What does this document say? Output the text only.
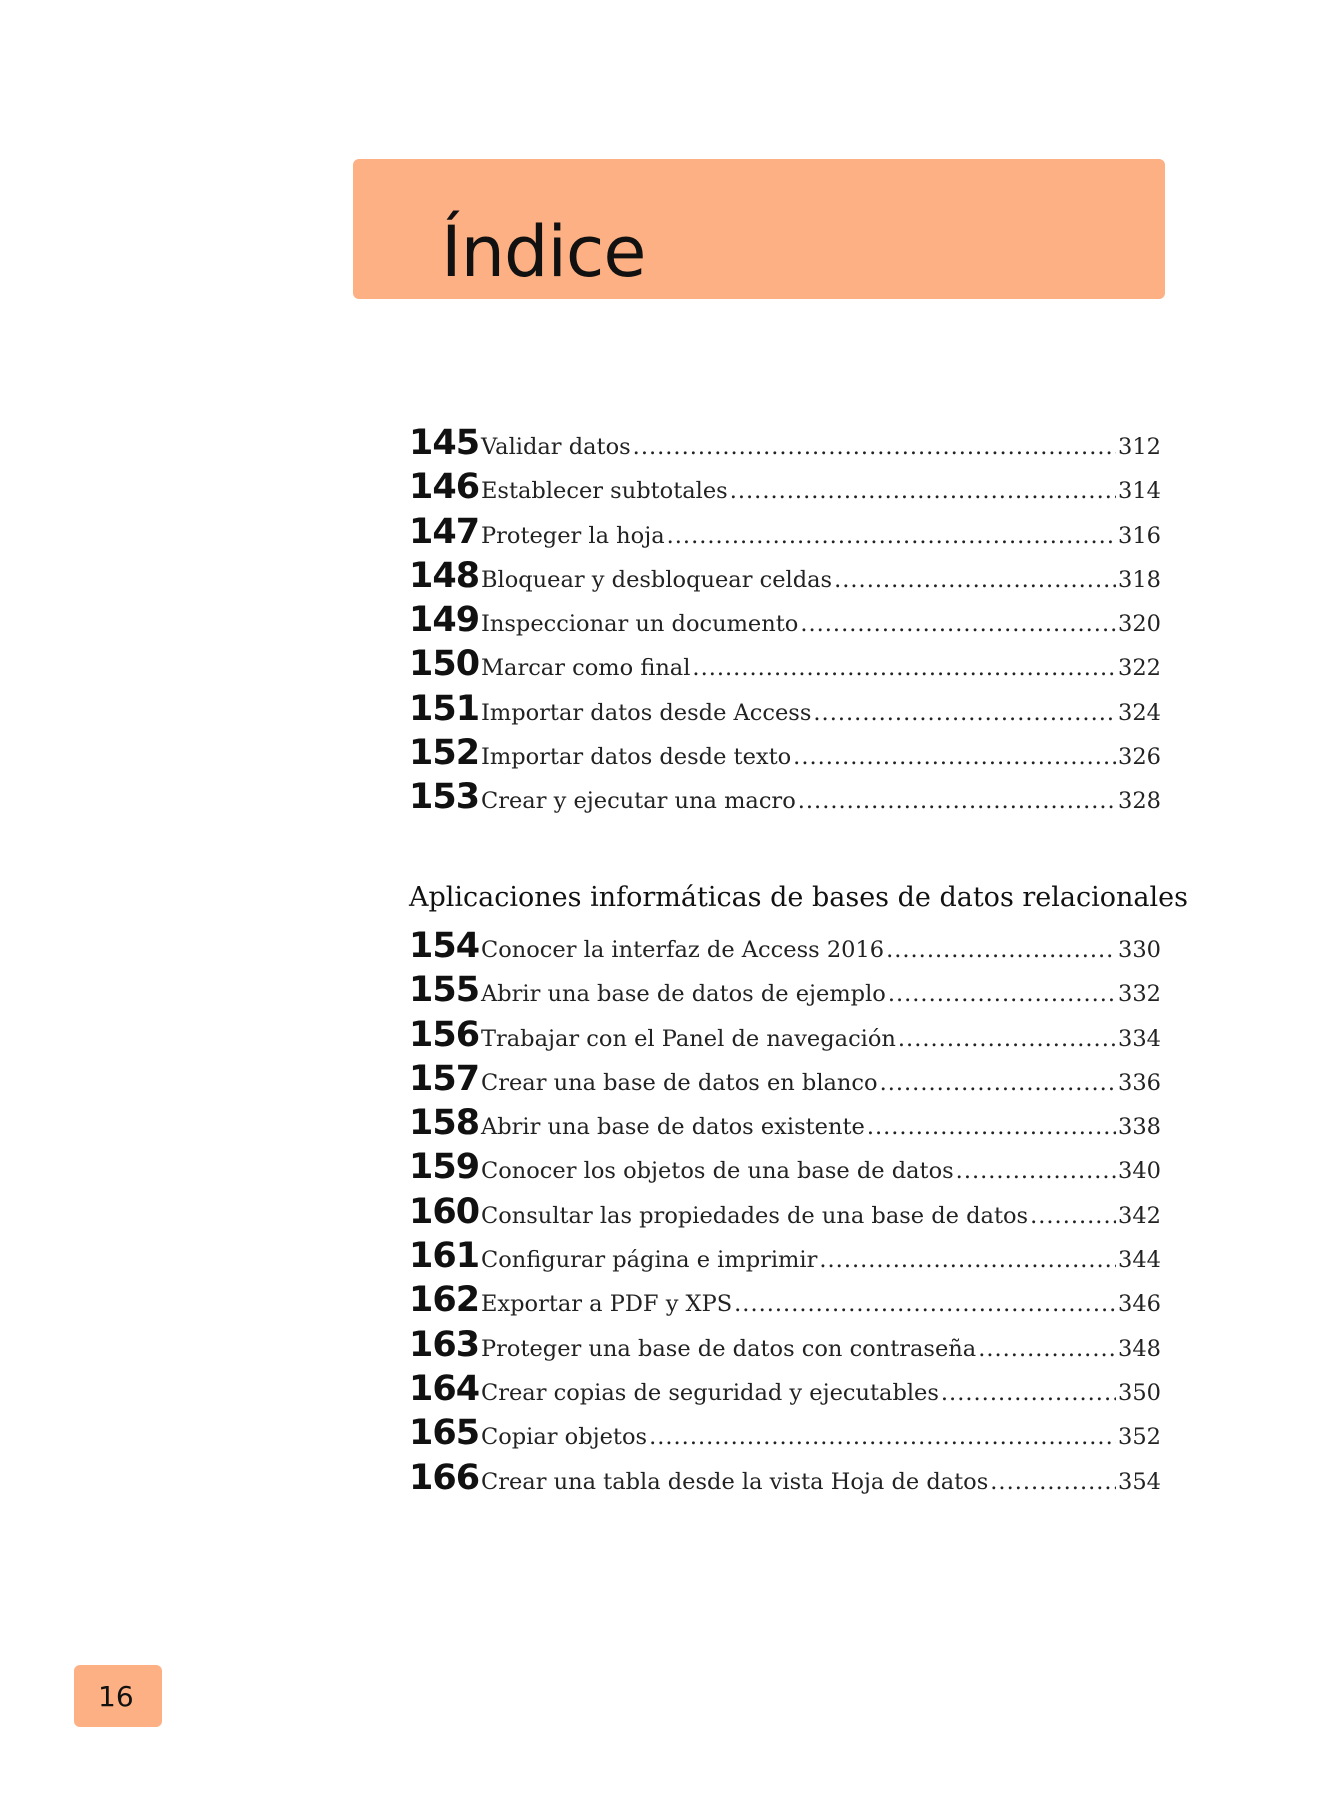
Índice
145 Validar datos .....	312
146 Establecer subtotales .....	314
147 Proteger la hoja .....	316
148 Bloquear y desbloquear celdas .....	318
149 Inspeccionar un documento .....	320
150 Marcar como final .....	322
151 Importar datos desde Access .....	324
152 Importar datos desde texto .....	326
153 Crear y ejecutar una macro .....	328
Aplicaciones informáticas de bases de datos relacionales
154 Conocer la interfaz de Access 2016 .....	330
155 Abrir una base de datos de ejemplo .....	332
156 Trabajar con el Panel de navegación .....	334
157 Crear una base de datos en blanco .....	336
158 Abrir una base de datos existente .....	338
159 Conocer los objetos de una base de datos .....	340
160 Consultar las propiedades de una base de datos .....	342
161 Configurar página e imprimir .....	344
162 Exportar a PDF y XPS .....	346
163 Proteger una base de datos con contraseña .....	348
164 Crear copias de seguridad y ejecutables .....	350
165 Copiar objetos .....	352
166 Crear una tabla desde la vista Hoja de datos .....	354
16
